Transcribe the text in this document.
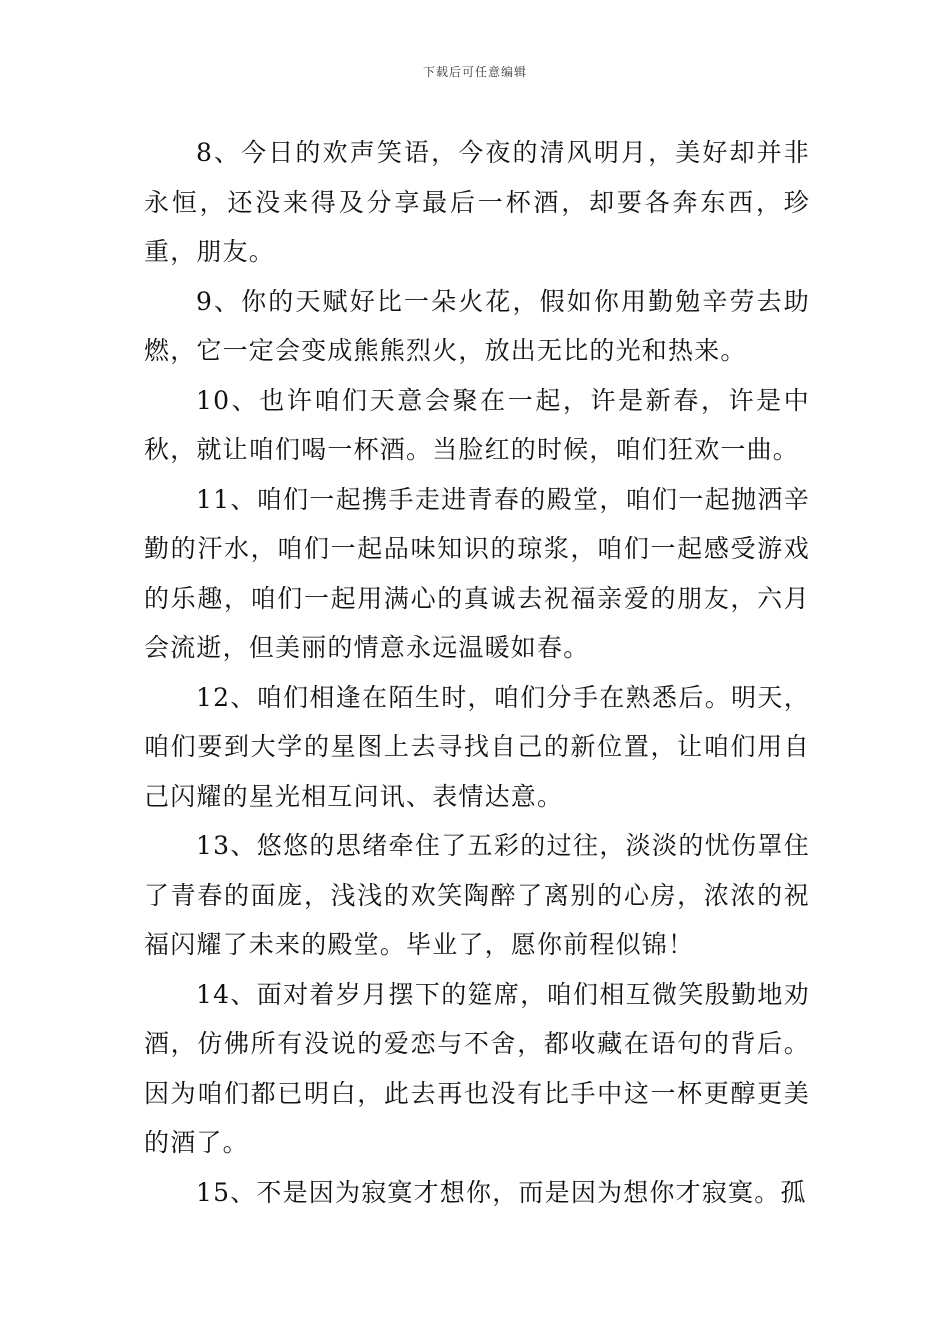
下载后可任意编辑

8、今日的欢声笑语，今夜的清风明月，美好却并非永恒，还没来得及分享最后一杯酒，却要各奔东西，珍重，朋友。

9、你的天赋好比一朵火花，假如你用勤勉辛劳去助燃，它一定会变成熊熊烈火，放出无比的光和热来。

10、也许咱们天意会聚在一起，许是新春，许是中秋，就让咱们喝一杯酒。当脸红的时候，咱们狂欢一曲。

11、咱们一起携手走进青春的殿堂，咱们一起抛洒辛勤的汗水，咱们一起品味知识的琼浆，咱们一起感受游戏的乐趣，咱们一起用满心的真诚去祝福亲爱的朋友，六月会流逝，但美丽的情意永远温暖如春。

12、咱们相逢在陌生时，咱们分手在熟悉后。明天，咱们要到大学的星图上去寻找自己的新位置，让咱们用自己闪耀的星光相互问讯、表情达意。

13、悠悠的思绪牵住了五彩的过往，淡淡的忧伤罩住了青春的面庞，浅浅的欢笑陶醉了离别的心房，浓浓的祝福闪耀了未来的殿堂。毕业了，愿你前程似锦！

14、面对着岁月摆下的筵席，咱们相互微笑殷勤地劝酒，仿佛所有没说的爱恋与不舍，都收藏在语句的背后。因为咱们都已明白，此去再也没有比手中这一杯更醇更美的酒了。

15、不是因为寂寞才想你，而是因为想你才寂寞。孤
